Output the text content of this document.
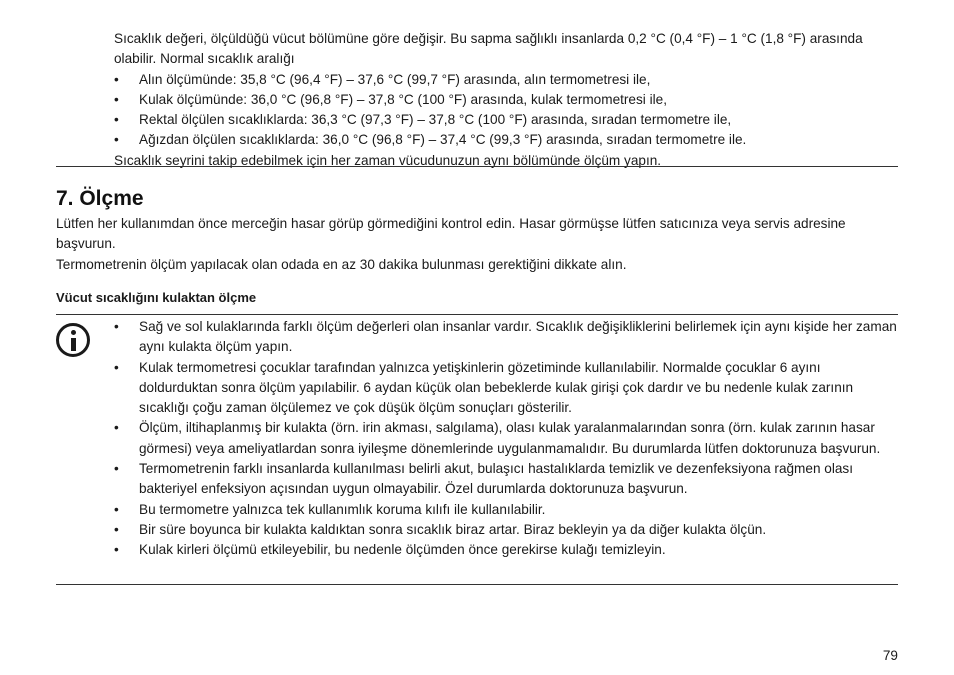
Sıcaklık değeri, ölçüldüğü vücut bölümüne göre değişir. Bu sapma sağlıklı insanlarda 0,2 °C (0,4 °F) – 1 °C (1,8 °F) arasında olabilir. Normal sıcaklık aralığı

• Alın ölçümünde: 35,8 °C (96,4 °F) – 37,6 °C (99,7 °F) arasında, alın termometresi ile,
• Kulak ölçümünde: 36,0 °C (96,8 °F) – 37,8 °C (100 °F) arasında, kulak termometresi ile,
• Rektal ölçülen sıcaklıklarda: 36,3 °C (97,3 °F) – 37,8 °C (100 °F) arasında, sıradan termometre ile,
• Ağızdan ölçülen sıcaklıklarda: 36,0 °C (96,8 °F) – 37,4 °C (99,3 °F) arasında, sıradan termometre ile.

Sıcaklık seyrini takip edebilmek için her zaman vücudunuzun aynı bölümünde ölçüm yapın.

7. Ölçme

Lütfen her kullanımdan önce merceğin hasar görüp görmediğini kontrol edin. Hasar görmüşse lütfen satıcınıza veya servis adresine başvurun.

Termometrenin ölçüm yapılacak olan odada en az 30 dakika bulunması gerektiğini dikkate alın.

Vücut sıcaklığını kulaktan ölçme
• Sağ ve sol kulaklarında farklı ölçüm değerleri olan insanlar vardır. Sıcaklık değişikliklerini belirlemek için aynı kişide her zaman aynı kulakta ölçüm yapın.
• Kulak termometresi çocuklar tarafından yalnızca yetişkinlerin gözetiminde kullanılabilir. Normalde çocuklar 6 ayını doldurduktan sonra ölçüm yapılabilir. 6 aydan küçük olan bebeklerde kulak girişi çok dardır ve bu nedenle kulak zarının sıcaklığı çoğu zaman ölçülemez ve çok düşük ölçüm sonuçları gösterilir.
• Ölçüm, iltihaplanmış bir kulakta (örn. irin akması, salgılama), olası kulak yaralanmalarından sonra (örn. kulak zarının hasar görmesi) veya ameliyatlardan sonra iyileşme dönemlerinde uygulanmamalıdır. Bu durumlarda lütfen doktorunuza başvurun.
• Termometrenin farklı insanlarda kullanılması belirli akut, bulaşıcı hastalıklarda temizlik ve dezenfeksiyona rağmen olası bakteriyel enfeksiyon açısından uygun olmayabilir. Özel durumlarda doktorunuza başvurun.
• Bu termometre yalnızca tek kullanımlık koruma kılıfı ile kullanılabilir.
• Bir süre boyunca bir kulakta kaldıktan sonra sıcaklık biraz artar. Biraz bekleyin ya da diğer kulakta ölçün.
• Kulak kirleri ölçümü etkileyebilir, bu nedenle ölçümden önce gerekirse kulağı temizleyin.
79
